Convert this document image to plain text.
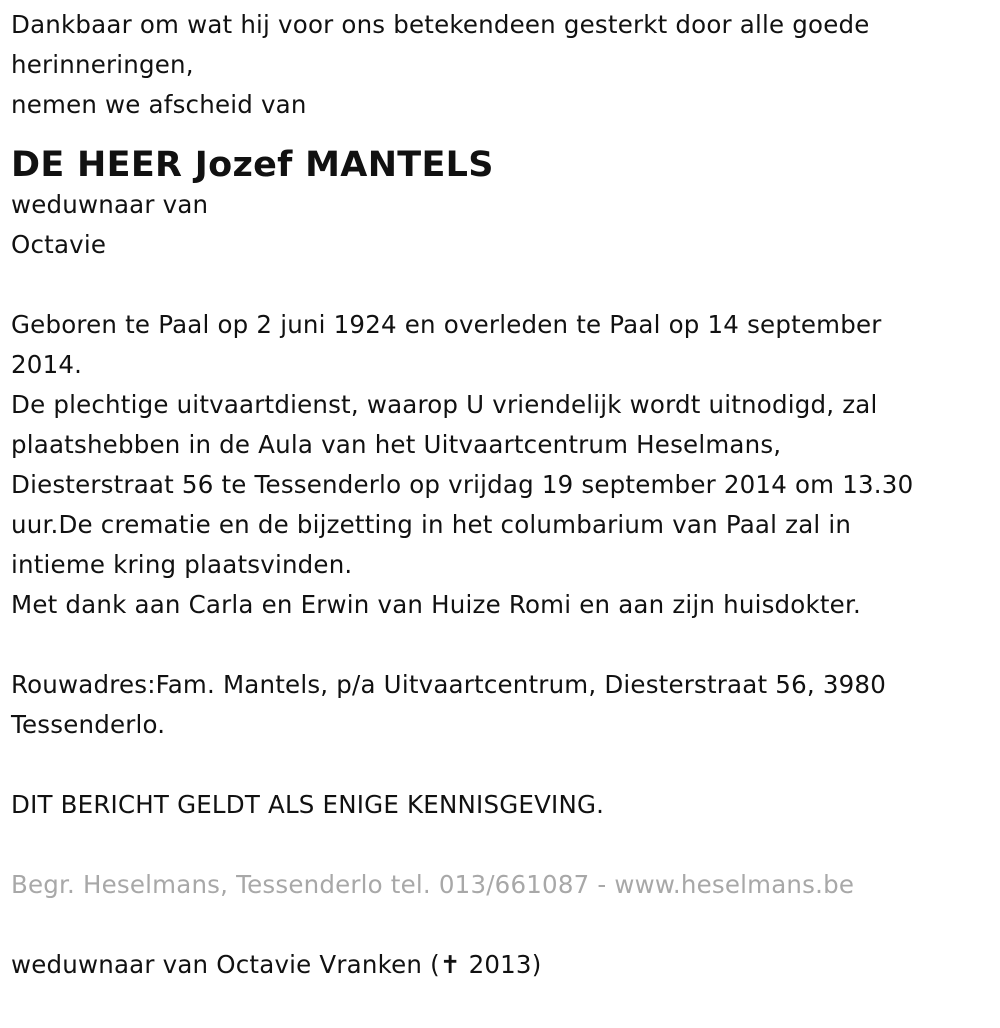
Dankbaar om wat hij voor ons betekendeen gesterkt door alle goede
herinneringen,
nemen we afscheid van
DE HEER Jozef MANTELS
weduwnaar van
Octavie
Geboren te Paal op 2 juni 1924 en overleden te Paal op 14 september
2014.
De plechtige uitvaartdienst, waarop U vriendelijk wordt uitnodigd, zal
plaatshebben in de Aula van het Uitvaartcentrum Heselmans,
Diesterstraat 56 te Tessenderlo op vrijdag 19 september 2014 om 13.30
uur.De crematie en de bijzetting in het columbarium van Paal zal in
intieme kring plaatsvinden.
Met dank aan Carla en Erwin van Huize Romi en aan zijn huisdokter.
Rouwadres:Fam. Mantels, p/a Uitvaartcentrum, Diesterstraat 56, 3980
Tessenderlo.
DIT BERICHT GELDT ALS ENIGE KENNISGEVING.
Begr. Heselmans, Tessenderlo tel. 013/661087 - www.heselmans.be
weduwnaar van Octavie Vranken (✝ 2013)
